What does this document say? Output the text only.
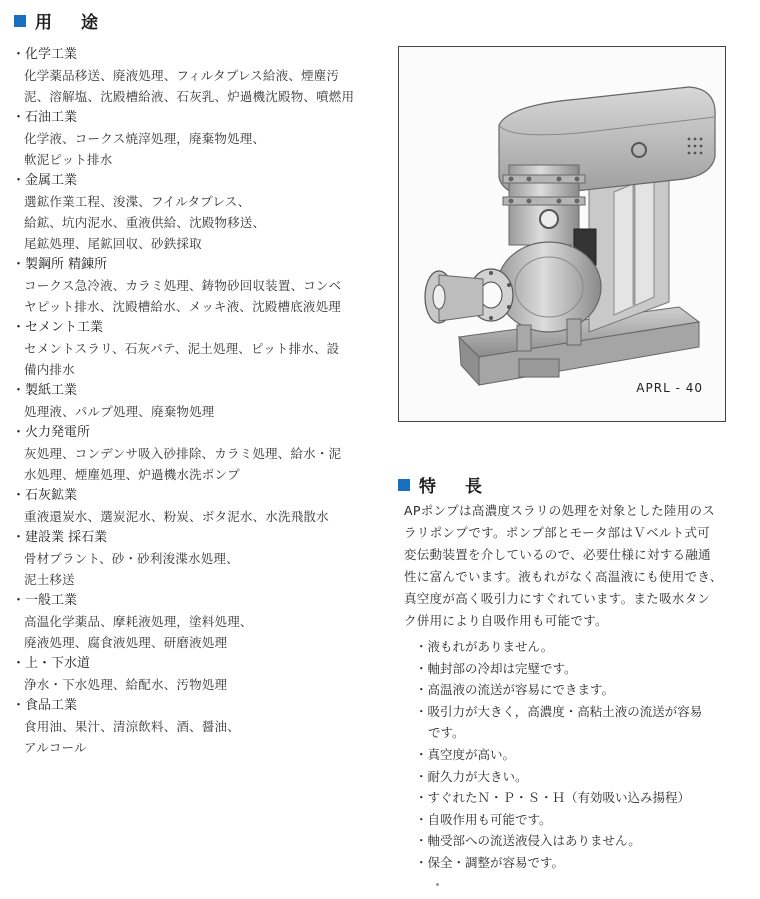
用　途
・化学工業
化学薬品移送、廃液処理、フィルタプレス給液、煙塵汚
泥、溶解塩、沈殿槽給液、石灰乳、炉過機沈殿物、噴燃用
・石油工業
化学液、コークス焼滓処理，廃棄物処理、
軟泥ピット排水
・金属工業
選鉱作業工程、浚渫、フイルタプレス、
給鉱、坑内泥水、重液供給、沈殿物移送、
尾鉱処理、尾鉱回収、砂鉄採取
・製鋼所 精錬所
コークス急冷液、カラミ処理、鋳物砂回収装置、コンベ
ヤピット排水、沈殿槽給水、メッキ液、沈殿槽底液処理
・セメント工業
セメントスラリ、石灰パテ、泥土処理、ピット排水、設
備内排水
・製紙工業
処理液、パルプ処理、廃棄物処理
・火力発電所
灰処理、コンデンサ吸入砂排除、カラミ処理、給水・泥
水処理、煙塵処理、炉過機水洗ポンプ
・石灰鉱業
重液還炭水、選炭泥水、粉炭、ボタ泥水、水洗飛散水
・建設業 採石業
骨材プラント、砂・砂利浚渫水処理、
泥土移送
・一般工業
高温化学薬品、摩耗液処理，塗料処理、
廃液処理、腐食液処理、研磨液処理
・上・下水道
浄水・下水処理、給配水、汚物処理
・食品工業
食用油、果汁、清涼飲料、酒、醤油、
アルコール
APRL - 40
特　長
APポンプは高濃度スラリの処理を対象とした陸用のス
ラリポンプです。ポンプ部とモータ部はＶベルト式可
変伝動装置を介しているので、必要仕様に対する融通
性に富んでいます。液もれがなく高温液にも使用でき、
真空度が高く吸引力にすぐれています。また吸水タン
ク併用により自吸作用も可能です。
・ 液もれがありません。
・ 軸封部の冷却は完璧です。
・ 高温液の流送が容易にできます。
・ 吸引力が大きく，高濃度・高粘土液の流送が容易
です。
・ 真空度が高い。
・ 耐久力が大きい。
・ すぐれたＮ・Ｐ・Ｓ・Ｈ（有効吸い込み揚程）
・ 自吸作用も可能です。
・ 軸受部への流送液侵入はありません。
・ 保全・調整が容易です。
